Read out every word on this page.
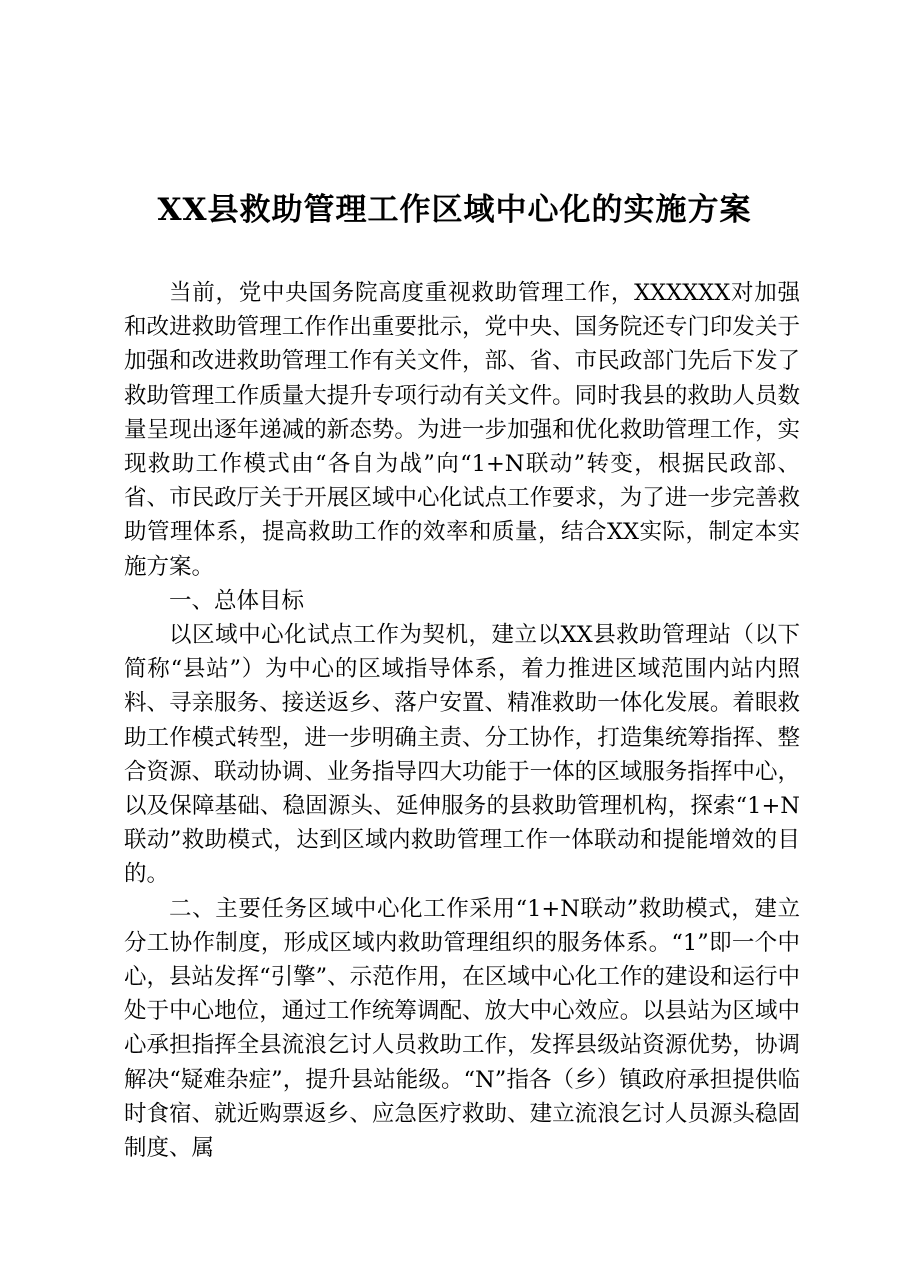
XX县救助管理工作区域中心化的实施方案

当前，党中央国务院高度重视救助管理工作，XXXXXX对加强和改进救助管理工作作出重要批示，党中央、国务院还专门印发关于加强和改进救助管理工作有关文件，部、省、市民政部门先后下发了救助管理工作质量大提升专项行动有关文件。同时我县的救助人员数量呈现出逐年递减的新态势。为进一步加强和优化救助管理工作，实现救助工作模式由“各自为战”向“1+N联动”转变，根据民政部、省、市民政厅关于开展区域中心化试点工作要求，为了进一步完善救助管理体系，提高救助工作的效率和质量，结合XX实际，制定本实施方案。

一、总体目标

以区域中心化试点工作为契机，建立以XX县救助管理站（以下简称“县站”）为中心的区域指导体系，着力推进区域范围内站内照料、寻亲服务、接送返乡、落户安置、精准救助一体化发展。着眼救助工作模式转型，进一步明确主责、分工协作，打造集统筹指挥、整合资源、联动协调、业务指导四大功能于一体的区域服务指挥中心，以及保障基础、稳固源头、延伸服务的县救助管理机构，探索“1+N联动”救助模式，达到区域内救助管理工作一体联动和提能增效的目的。

二、主要任务区域中心化工作采用“1+N联动”救助模式，建立分工协作制度，形成区域内救助管理组织的服务体系。“1”即一个中心，县站发挥“引擎”、示范作用，在区域中心化工作的建设和运行中处于中心地位，通过工作统筹调配、放大中心效应。以县站为区域中心承担指挥全县流浪乞讨人员救助工作，发挥县级站资源优势，协调解决“疑难杂症”，提升县站能级。“N”指各（乡）镇政府承担提供临时食宿、就近购票返乡、应急医疗救助、建立流浪乞讨人员源头稳固制度、属
